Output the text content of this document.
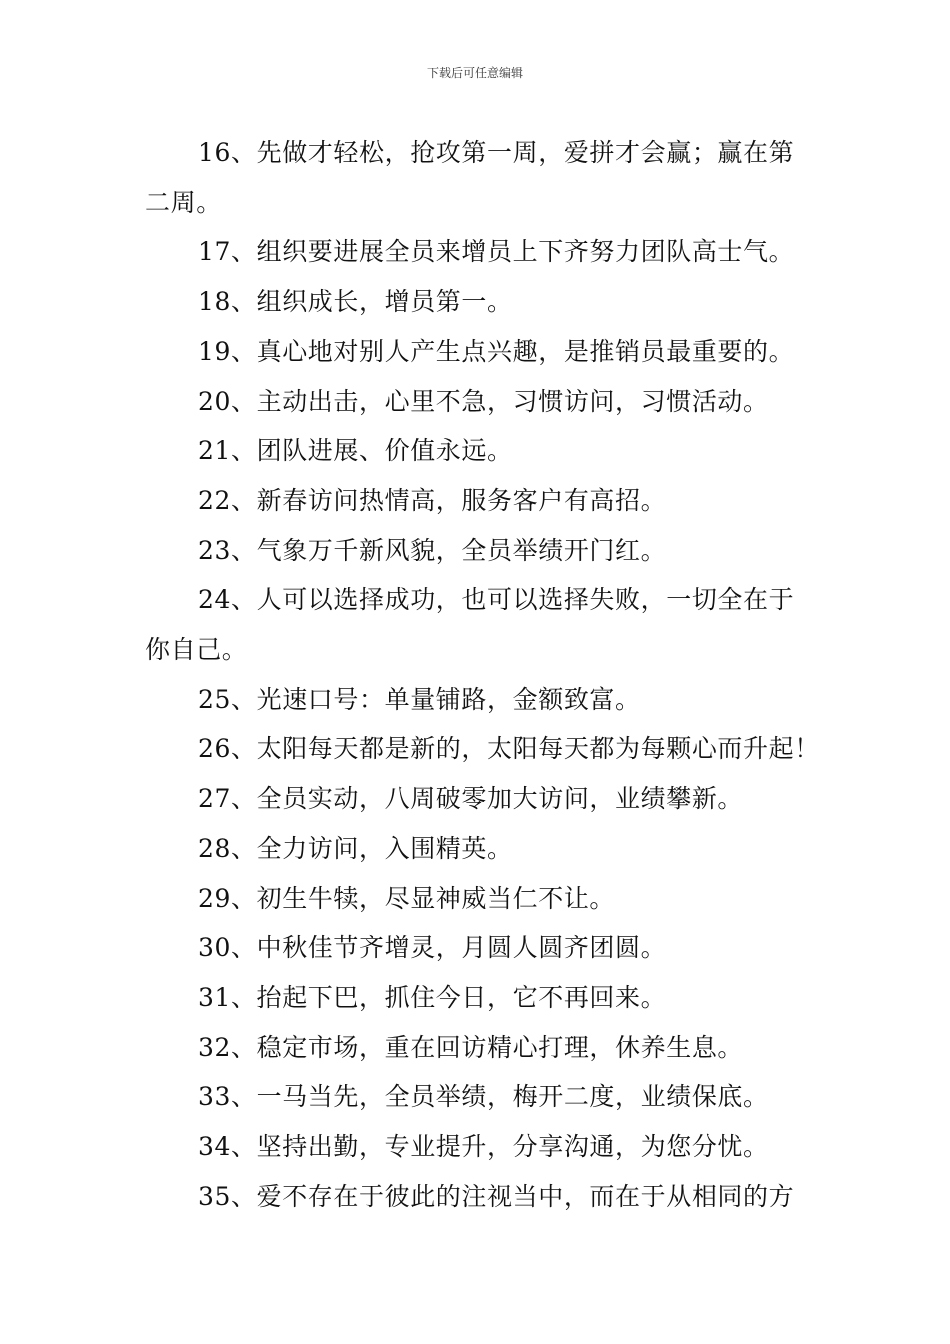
下载后可任意编辑

16、先做才轻松，抢攻第一周，爱拼才会赢；赢在第二周。

17、组织要进展全员来增员上下齐努力团队高士气。

18、组织成长，增员第一。

19、真心地对别人产生点兴趣，是推销员最重要的。

20、主动出击，心里不急，习惯访问，习惯活动。

21、团队进展、价值永远。

22、新春访问热情高，服务客户有高招。

23、气象万千新风貌，全员举绩开门红。

24、人可以选择成功，也可以选择失败，一切全在于你自己。

25、光速口号：单量铺路，金额致富。

26、太阳每天都是新的，太阳每天都为每颗心而升起！

27、全员实动，八周破零加大访问，业绩攀新。

28、全力访问，入围精英。

29、初生牛犊，尽显神威当仁不让。

30、中秋佳节齐增灵，月圆人圆齐团圆。

31、抬起下巴，抓住今日，它不再回来。

32、稳定市场，重在回访精心打理，休养生息。

33、一马当先，全员举绩，梅开二度，业绩保底。

34、坚持出勤，专业提升，分享沟通，为您分忧。

35、爱不存在于彼此的注视当中，而在于从相同的方
